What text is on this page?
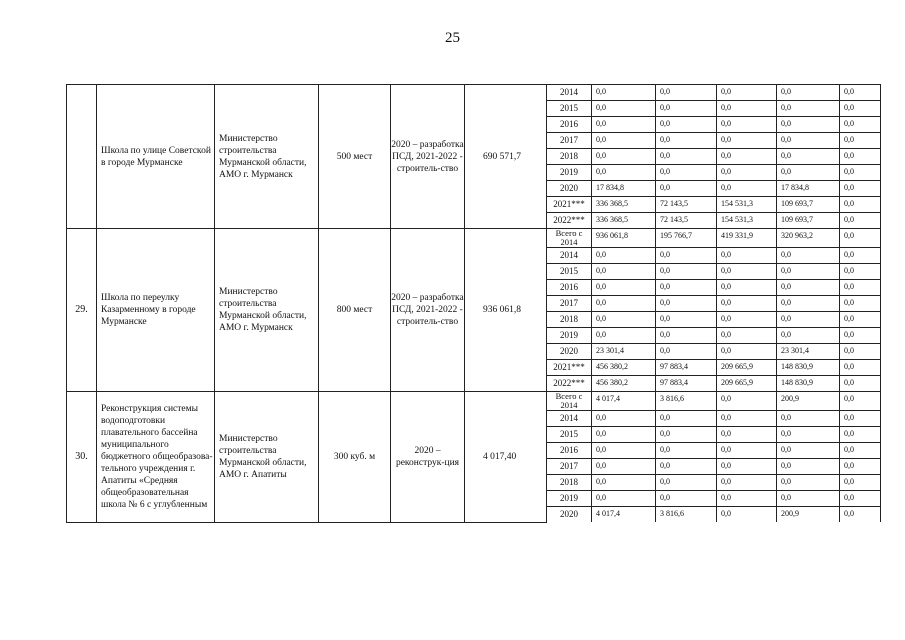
25
	Школа по улице Советской в городе Мурманске	Министерство строительства Мурманской области, АМО г. Мурманск	500 мест	2020 – разработка ПСД, 2021-2022 - строитель-ство	690 571,7	2014	0,0	0,0	0,0	0,0	0,0
						2015	0,0	0,0	0,0	0,0	0,0
						2016	0,0	0,0	0,0	0,0	0,0
						2017	0,0	0,0	0,0	0,0	0,0
						2018	0,0	0,0	0,0	0,0	0,0
						2019	0,0	0,0	0,0	0,0	0,0
						2020	17 834,8	0,0	0,0	17 834,8	0,0
						2021***	336 368,5	72 143,5	154 531,3	109 693,7	0,0
						2022***	336 368,5	72 143,5	154 531,3	109 693,7	0,0
29.	Школа по переулку Казарменному в городе Мурманске	Министерство строительства Мурманской области, АМО г. Мурманск	800 мест	2020 – разработка ПСД, 2021-2022 - строитель-ство	936 061,8	Всего с 2014	936 061,8	195 766,7	419 331,9	320 963,2	0,0
						2014	0,0	0,0	0,0	0,0	0,0
						2015	0,0	0,0	0,0	0,0	0,0
						2016	0,0	0,0	0,0	0,0	0,0
						2017	0,0	0,0	0,0	0,0	0,0
						2018	0,0	0,0	0,0	0,0	0,0
						2019	0,0	0,0	0,0	0,0	0,0
						2020	23 301,4	0,0	0,0	23 301,4	0,0
						2021***	456 380,2	97 883,4	209 665,9	148 830,9	0,0
						2022***	456 380,2	97 883,4	209 665,9	148 830,9	0,0
30.	Реконструкция системы водоподготовки плавательного бассейна муниципального бюджетного общеобразова-тельного учреждения г. Апатиты «Средняя общеобразовательная школа № 6 с углубленным	Министерство строительства Мурманской области, АМО г. Апатиты	300 куб. м	2020 – реконструк-ция	4 017,40	Всего с 2014	4 017,4	3 816,6	0,0	200,9	0,0
						2014	0,0	0,0	0,0	0,0	0,0
						2015	0,0	0,0	0,0	0,0	0,0
						2016	0,0	0,0	0,0	0,0	0,0
						2017	0,0	0,0	0,0	0,0	0,0
						2018	0,0	0,0	0,0	0,0	0,0
						2019	0,0	0,0	0,0	0,0	0,0
						2020	4 017,4	3 816,6	0,0	200,9	0,0
